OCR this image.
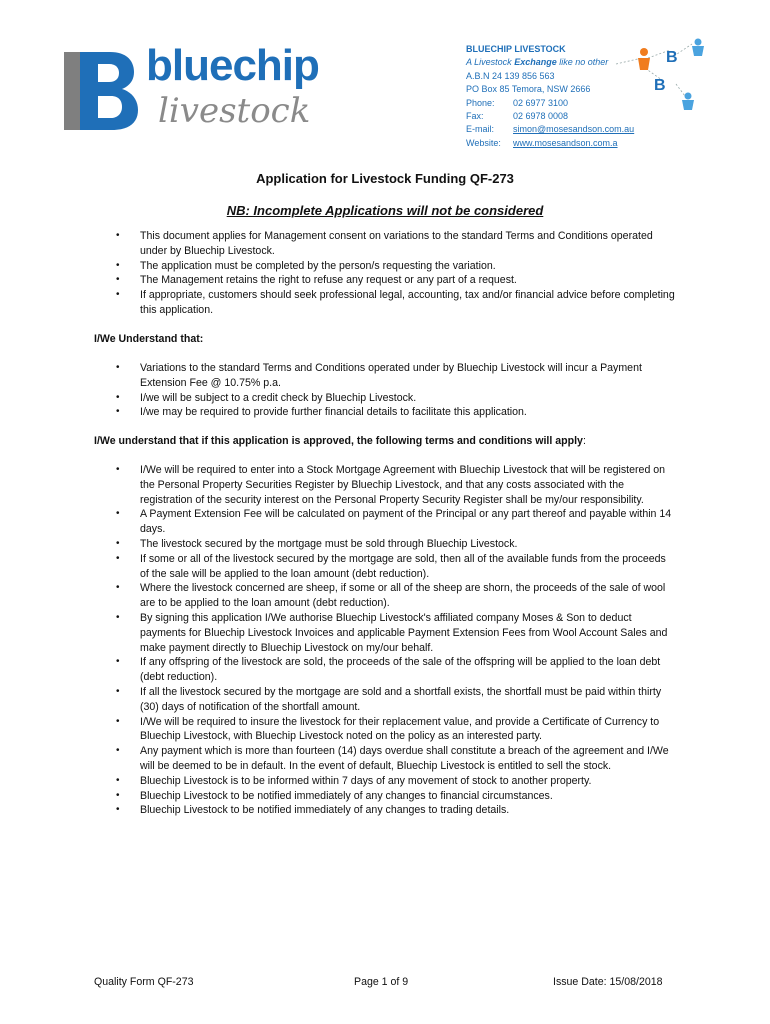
bluechip
livestock
BLUECHIP LIVESTOCK
A Livestock Exchange like no other
A.B.N 24 139 856 563
PO Box 85 Temora, NSW 2666
Phone:	02 6977 3100
Fax:	02 6978 0008
E-mail:	simon@mosesandson.com.au
Website:	www.mosesandson.com.a
B
B
Application for Livestock Funding QF-273
NB: Incomplete Applications will not be considered
• This document applies for Management consent on variations to the standard Terms and Conditions operated under by Bluechip Livestock.
• The application must be completed by the person/s requesting the variation.
• The Management retains the right to refuse any request or any part of a request.
• If appropriate, customers should seek professional legal, accounting, tax and/or financial advice before completing this application.
I/We Understand that:
• Variations to the standard Terms and Conditions operated under by Bluechip Livestock will incur a Payment Extension Fee @ 10.75% p.a.
• I/we will be subject to a credit check by Bluechip Livestock.
• I/we may be required to provide further financial details to facilitate this application.
I/We understand that if this application is approved, the following terms and conditions will apply:
• I/We will be required to enter into a Stock Mortgage Agreement with Bluechip Livestock that will be registered on the Personal Property Securities Register by Bluechip Livestock, and that any costs associated with the registration of the security interest on the Personal Property Security Register shall be my/our responsibility.
• A Payment Extension Fee will be calculated on payment of the Principal or any part thereof and payable within 14 days.
• The livestock secured by the mortgage must be sold through Bluechip Livestock.
• If some or all of the livestock secured by the mortgage are sold, then all of the available funds from the proceeds of the sale will be applied to the loan amount (debt reduction).
• Where the livestock concerned are sheep, if some or all of the sheep are shorn, the proceeds of the sale of wool are to be applied to the loan amount (debt reduction).
• By signing this application I/We authorise Bluechip Livestock's affiliated company Moses & Son to deduct payments for Bluechip Livestock Invoices and applicable Payment Extension Fees from Wool Account Sales and make payment directly to Bluechip Livestock on my/our behalf.
• If any offspring of the livestock are sold, the proceeds of the sale of the offspring will be applied to the loan debt (debt reduction).
• If all the livestock secured by the mortgage are sold and a shortfall exists, the shortfall must be paid within thirty (30) days of notification of the shortfall amount.
• I/We will be required to insure the livestock for their replacement value, and provide a Certificate of Currency to Bluechip Livestock, with Bluechip Livestock noted on the policy as an interested party.
• Any payment which is more than fourteen (14) days overdue shall constitute a breach of the agreement and I/We will be deemed to be in default. In the event of default, Bluechip Livestock is entitled to sell the stock.
• Bluechip Livestock is to be informed within 7 days of any movement of stock to another property.
• Bluechip Livestock to be notified immediately of any changes to financial circumstances.
• Bluechip Livestock to be notified immediately of any changes to trading details.
Quality Form QF-273	Page 1 of 9	Issue Date: 15/08/2018
